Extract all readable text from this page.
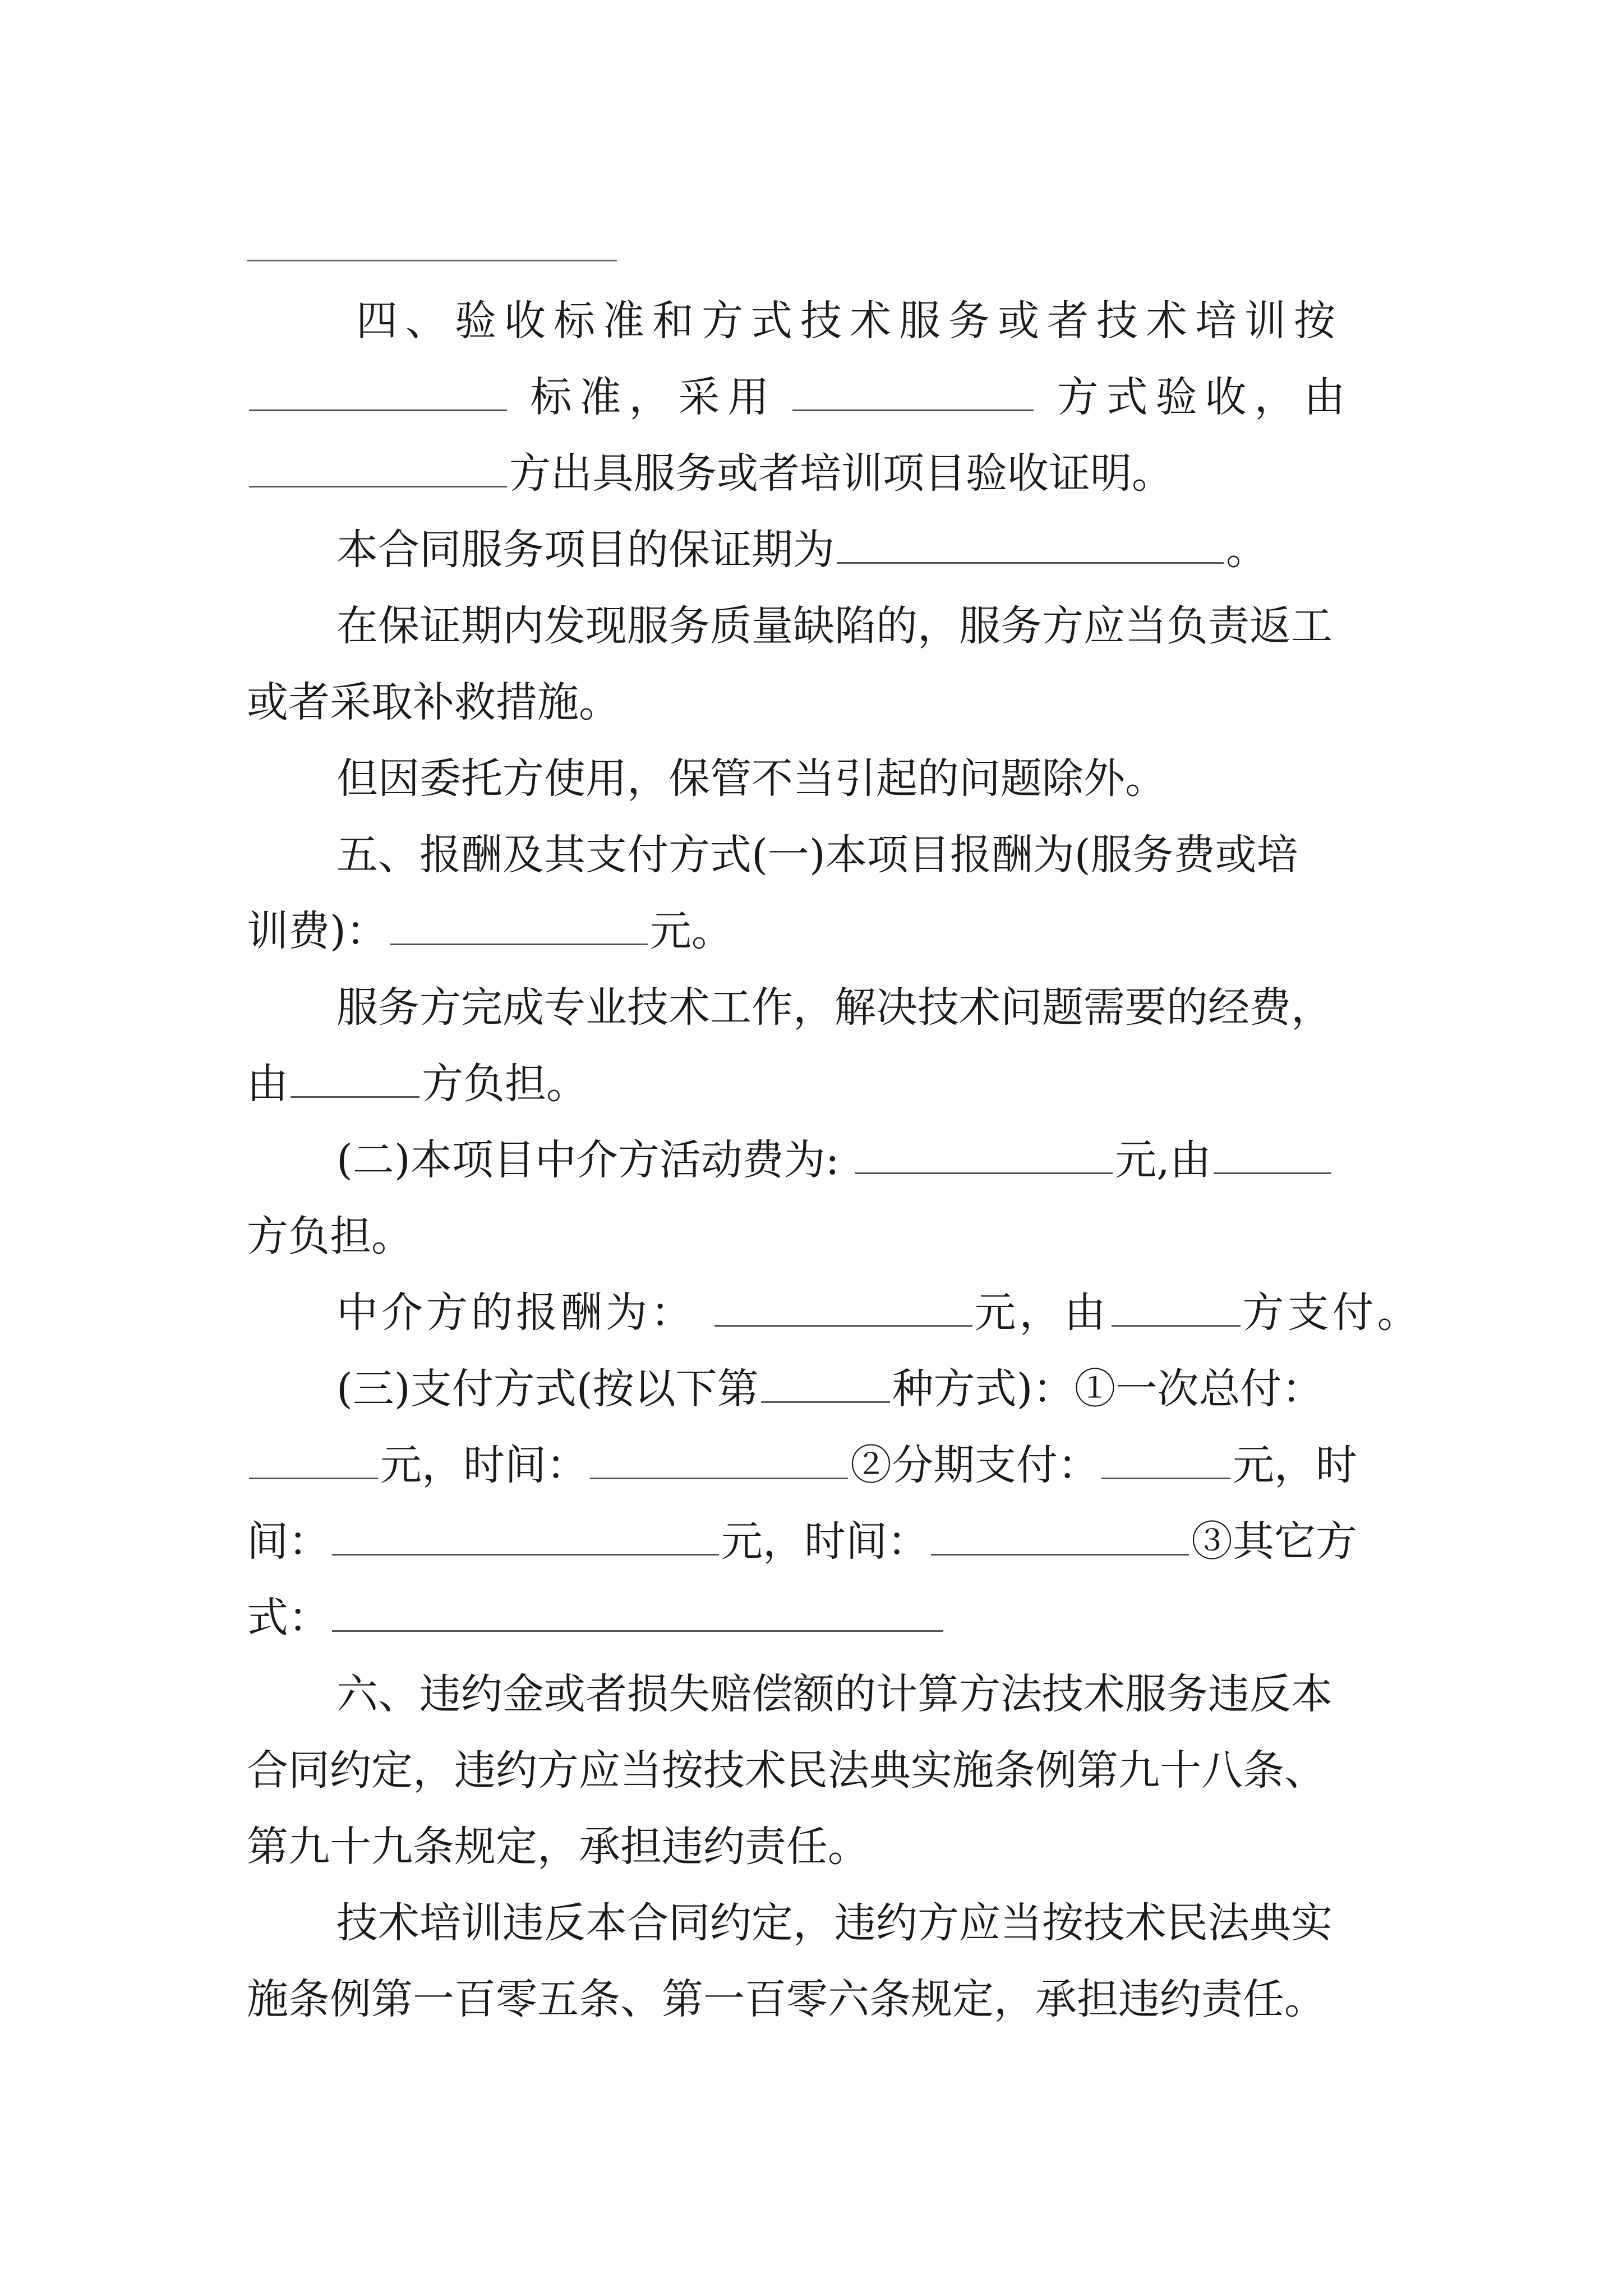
四、验收标准和方式技术服务或者技术培训按
标准，采用	方式验收，由
方出具服务或者培训项目验收证明。
本合同服务项目的保证期为	。
在保证期内发现服务质量缺陷的，服务方应当负责返工
或者采取补救措施。
但因委托方使用，保管不当引起的问题除外。
五、报酬及其支付方式(一)本项目报酬为(服务费或培
训费)：	元。
服务方完成专业技术工作，解决技术问题需要的经费，
由	方负担。
(二)本项目中介方活动费为:	元,由
方负担。
中介方的报酬为：	元，由	方支付。
(三)支付方式(按以下第	种方式)：①一次总付：
元，时间：	②分期支付：	元，时
间：	元，时间：	③其它方
式：
六、违约金或者损失赔偿额的计算方法技术服务违反本
合同约定，违约方应当按技术民法典实施条例第九十八条、
第九十九条规定，承担违约责任。
技术培训违反本合同约定，违约方应当按技术民法典实
施条例第一百零五条、第一百零六条规定，承担违约责任。
